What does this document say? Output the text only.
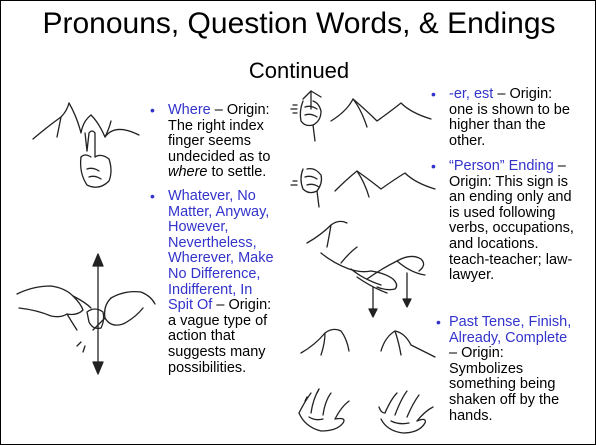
Pronouns, Question Words, & Endings
Continued
• Where – Origin:
The right index
finger seems
undecided as to
where to settle.
• Whatever, No
Matter, Anyway,
However,
Nevertheless,
Wherever, Make
No Difference,
Indifferent, In
Spit Of – Origin:
a vague type of
action that
suggests many
possibilities.
• -er, est – Origin:
one is shown to be
higher than the
other.
• “Person” Ending –
Origin: This sign is
an ending only and
is used following
verbs, occupations,
and locations.
teach-teacher; law-
lawyer.
• Past Tense, Finish,
Already, Complete
– Origin:
Symbolizes
something being
shaken off by the
hands.
